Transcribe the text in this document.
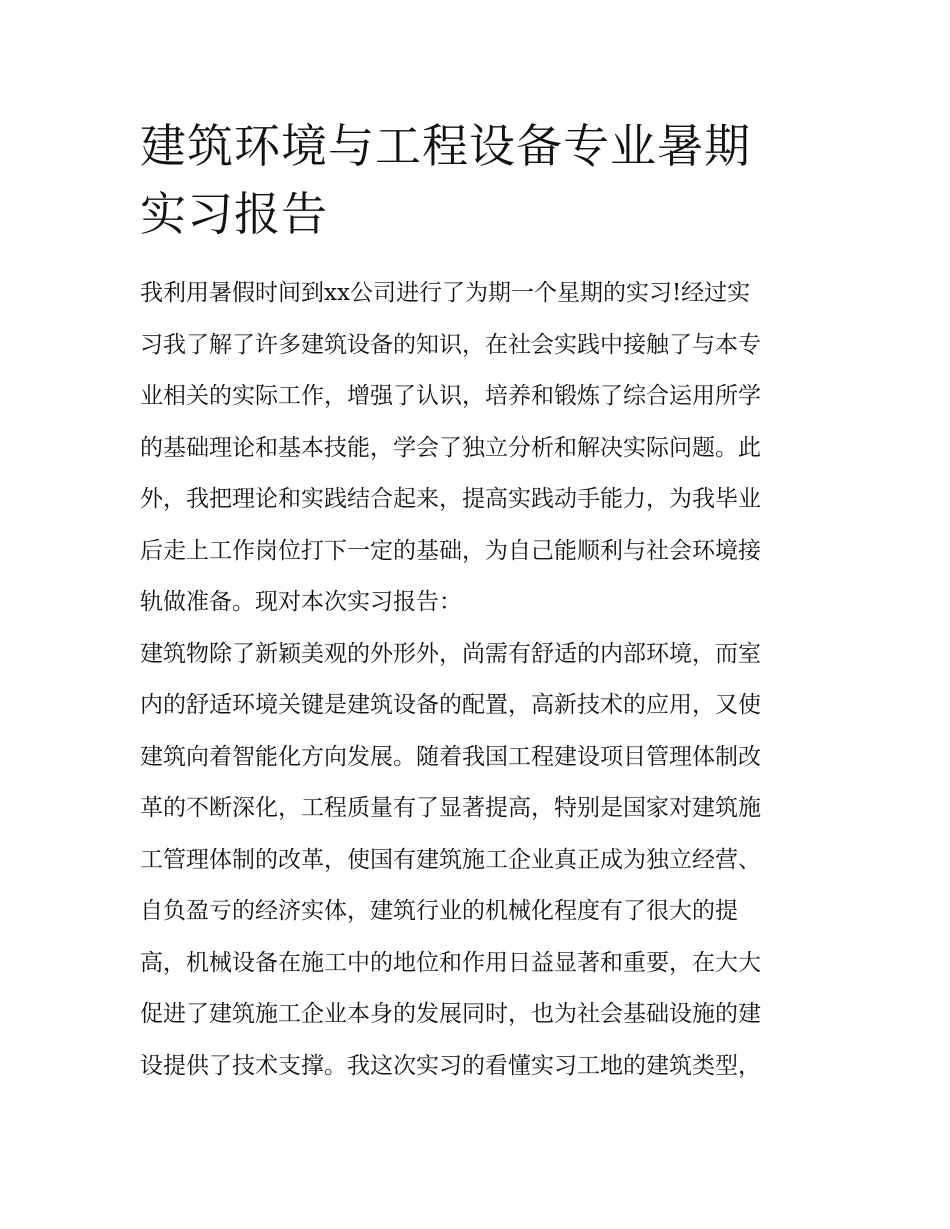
建筑环境与工程设备专业暑期
实习报告

我利用暑假时间到xx公司进行了为期一个星期的实习!经过实
习我了解了许多建筑设备的知识，在社会实践中接触了与本专
业相关的实际工作，增强了认识，培养和锻炼了综合运用所学
的基础理论和基本技能，学会了独立分析和解决实际问题。此
外，我把理论和实践结合起来，提高实践动手能力，为我毕业
后走上工作岗位打下一定的基础，为自己能顺利与社会环境接
轨做准备。现对本次实习报告：

建筑物除了新颖美观的外形外，尚需有舒适的内部环境，而室
内的舒适环境关键是建筑设备的配置，高新技术的应用，又使
建筑向着智能化方向发展。随着我国工程建设项目管理体制改
革的不断深化，工程质量有了显著提高，特别是国家对建筑施
工管理体制的改革，使国有建筑施工企业真正成为独立经营、
自负盈亏的经济实体，建筑行业的机械化程度有了很大的提
高，机械设备在施工中的地位和作用日益显著和重要，在大大
促进了建筑施工企业本身的发展同时，也为社会基础设施的建
设提供了技术支撑。我这次实习的看懂实习工地的建筑类型，
